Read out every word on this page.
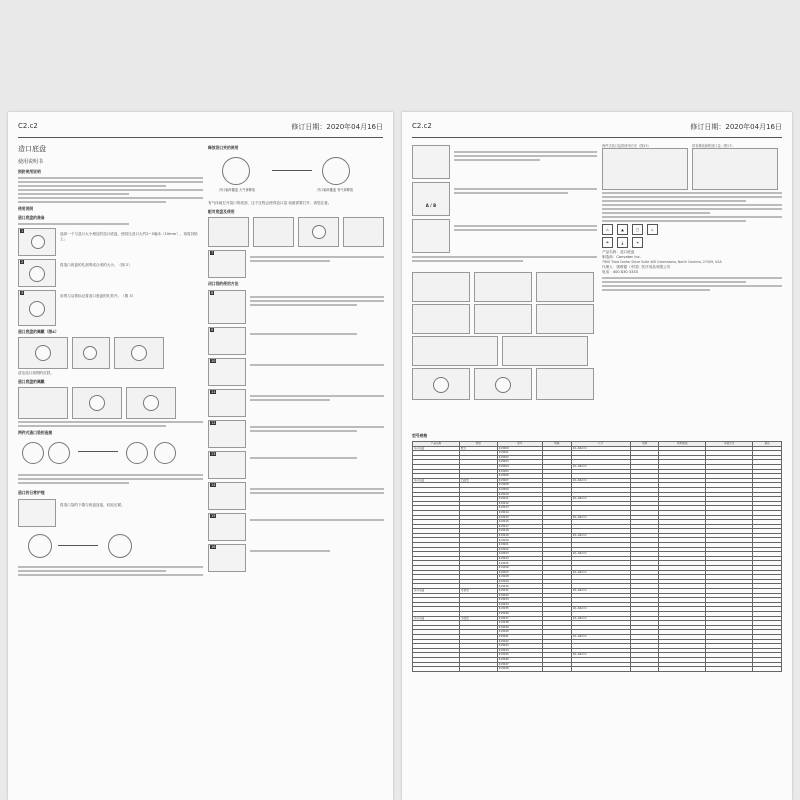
C2.c2	修订日期：2020年04月16日
造口底盘
使用说明书
预防使用说明
使用说明
造口底盘的准备
1
选择一个与造口大小相近的造口底盘，使其比造口大约2~3毫米（10mm），再将其贴上。
2
将造口底盘的孔洞剪成合适的大小。（图 2）
3
用剪刀沿着标记将造口底盘的孔剪开。（图 3）
造口底盘的佩戴（图4）
清洁造口周围的皮肤。
造口底盘的佩戴
两件式造口袋的连接
造口的日常护理
将造口袋的下端与底盘连接，轻轻压紧。
释放袋口夹的使用
开口轴环蓄盒 大气体释放	开口轴环蓄盒 有气体释放
有气体就打开袋口的底部，这个过程会使得造口袋 表面需要打开，请您注意。
配对底盘及使用
7
闭口袋的使用方法
8
9
10
11
12
13
14
15
16
C2.c2	修订日期：2020年04月16日
A / B

两件式造口袋的使用方法（图15）	带有释放阀的造口袋（图17）
⚠	▲	□	L
☂	🌡	☀
产品名称：造口底盘
制造商：Convatec Inc.
7900 Triad Center Drive Suite 400 Greensboro, North Carolina, 27409, USA
代理人：康维德（中国）医疗用品有限公司
电话：400 830 3333
型号规格
产品名称	类型	型号	规格	尺寸	用途	结构组成	连接方式	备注
造口底盘	软式	413000		10~64mm				
		413001						
		413002						
		413003						
		413004		10~64mm				
		413005						
		413006						
造口底盘	凸面型	413007		10~64mm				
		413008						
		413009						
		413010						
		413011		10~64mm				
		413012						
		413013						
		413014						
		413015		10~64mm				
		413016						
		413017						
		413018						
		413019		10~64mm				
		413020						
		413021						
		413022						
		413023		10~64mm				
		413024						
		413025						
		413026						
		413027		10~64mm				
		413028						
		413029						
		413030						
造口底盘	可塑型	413031		10~64mm				
		413032						
		413033						
		413034						
		413035		10~64mm				
		413036						
造口底盘	平面型	413037		10~64mm				
		413038						
		413039						
		413040						
		413041		10~64mm				
		413042						
		413043						
		413044						
		413045		10~64mm				
		413046						
		413047						
		413048						
